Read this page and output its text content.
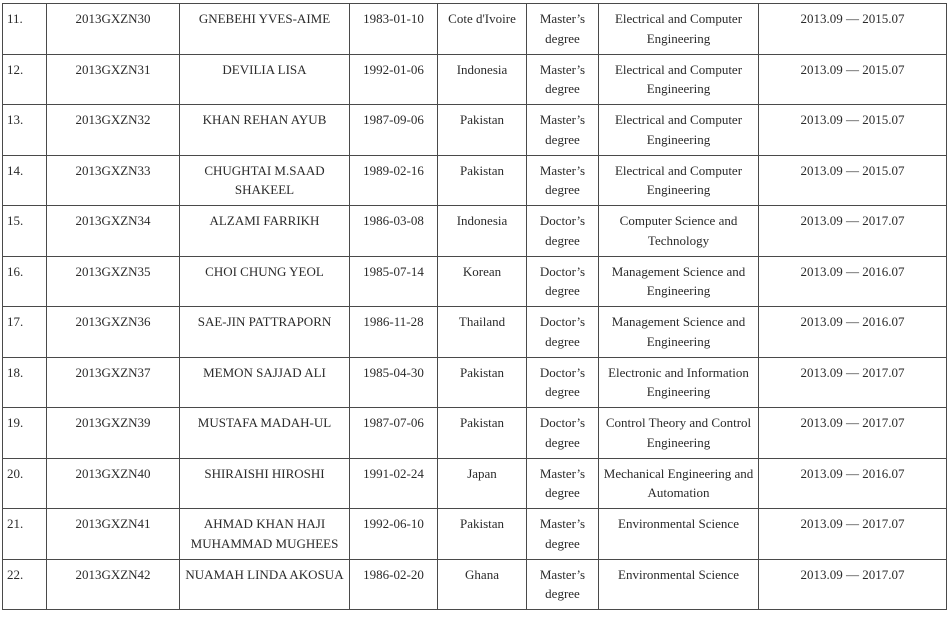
11.	2013GXZN30	GNEBEHI YVES-AIME	1983-01-10	Cote d'Ivoire	Master’s degree	Electrical and Computer Engineering	2013.09 — 2015.07
12.	2013GXZN31	DEVILIA LISA	1992-01-06	Indonesia	Master’s degree	Electrical and Computer Engineering	2013.09 — 2015.07
13.	2013GXZN32	KHAN REHAN AYUB	1987-09-06	Pakistan	Master’s degree	Electrical and Computer Engineering	2013.09 — 2015.07
14.	2013GXZN33	CHUGHTAI M.SAAD SHAKEEL	1989-02-16	Pakistan	Master’s degree	Electrical and Computer Engineering	2013.09 — 2015.07
15.	2013GXZN34	ALZAMI FARRIKH	1986-03-08	Indonesia	Doctor’s degree	Computer Science and Technology	2013.09 — 2017.07
16.	2013GXZN35	CHOI CHUNG YEOL	1985-07-14	Korean	Doctor’s degree	Management Science and Engineering	2013.09 — 2016.07
17.	2013GXZN36	SAE-JIN PATTRAPORN	1986-11-28	Thailand	Doctor’s degree	Management Science and Engineering	2013.09 — 2016.07
18.	2013GXZN37	MEMON SAJJAD ALI	1985-04-30	Pakistan	Doctor’s degree	Electronic and Information Engineering	2013.09 — 2017.07
19.	2013GXZN39	MUSTAFA MADAH-UL	1987-07-06	Pakistan	Doctor’s degree	Control Theory and Control Engineering	2013.09 — 2017.07
20.	2013GXZN40	SHIRAISHI HIROSHI	1991-02-24	Japan	Master’s degree	Mechanical Engineering and Automation	2013.09 — 2016.07
21.	2013GXZN41	AHMAD KHAN HAJI MUHAMMAD MUGHEES	1992-06-10	Pakistan	Master’s degree	Environmental Science	2013.09 — 2017.07
22.	2013GXZN42	NUAMAH LINDA AKOSUA	1986-02-20	Ghana	Master’s degree	Environmental Science	2013.09 — 2017.07
